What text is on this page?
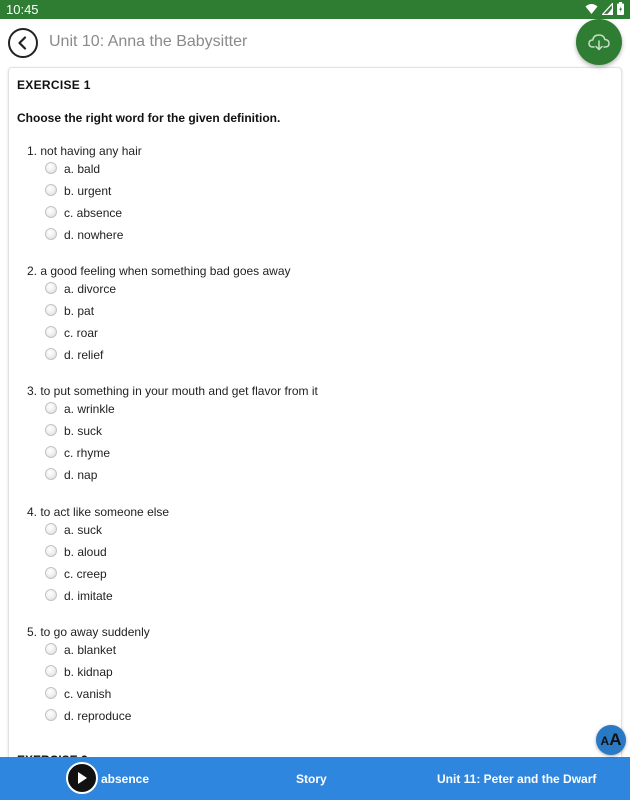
10:45
Unit 10: Anna the Babysitter
EXERCISE 1
Choose the right word for the given definition.
1. not having any hair
a. bald
b. urgent
c. absence
d. nowhere
2. a good feeling when something bad goes away
a. divorce
b. pat
c. roar
d. relief
3. to put something in your mouth and get flavor from it
a. wrinkle
b. suck
c. rhyme
d. nap
4. to act like someone else
a. suck
b. aloud
c. creep
d. imitate
5. to go away suddenly
a. blanket
b. kidnap
c. vanish
d. reproduce
AA
absence	Story	Unit 11: Peter and the Dwarf
